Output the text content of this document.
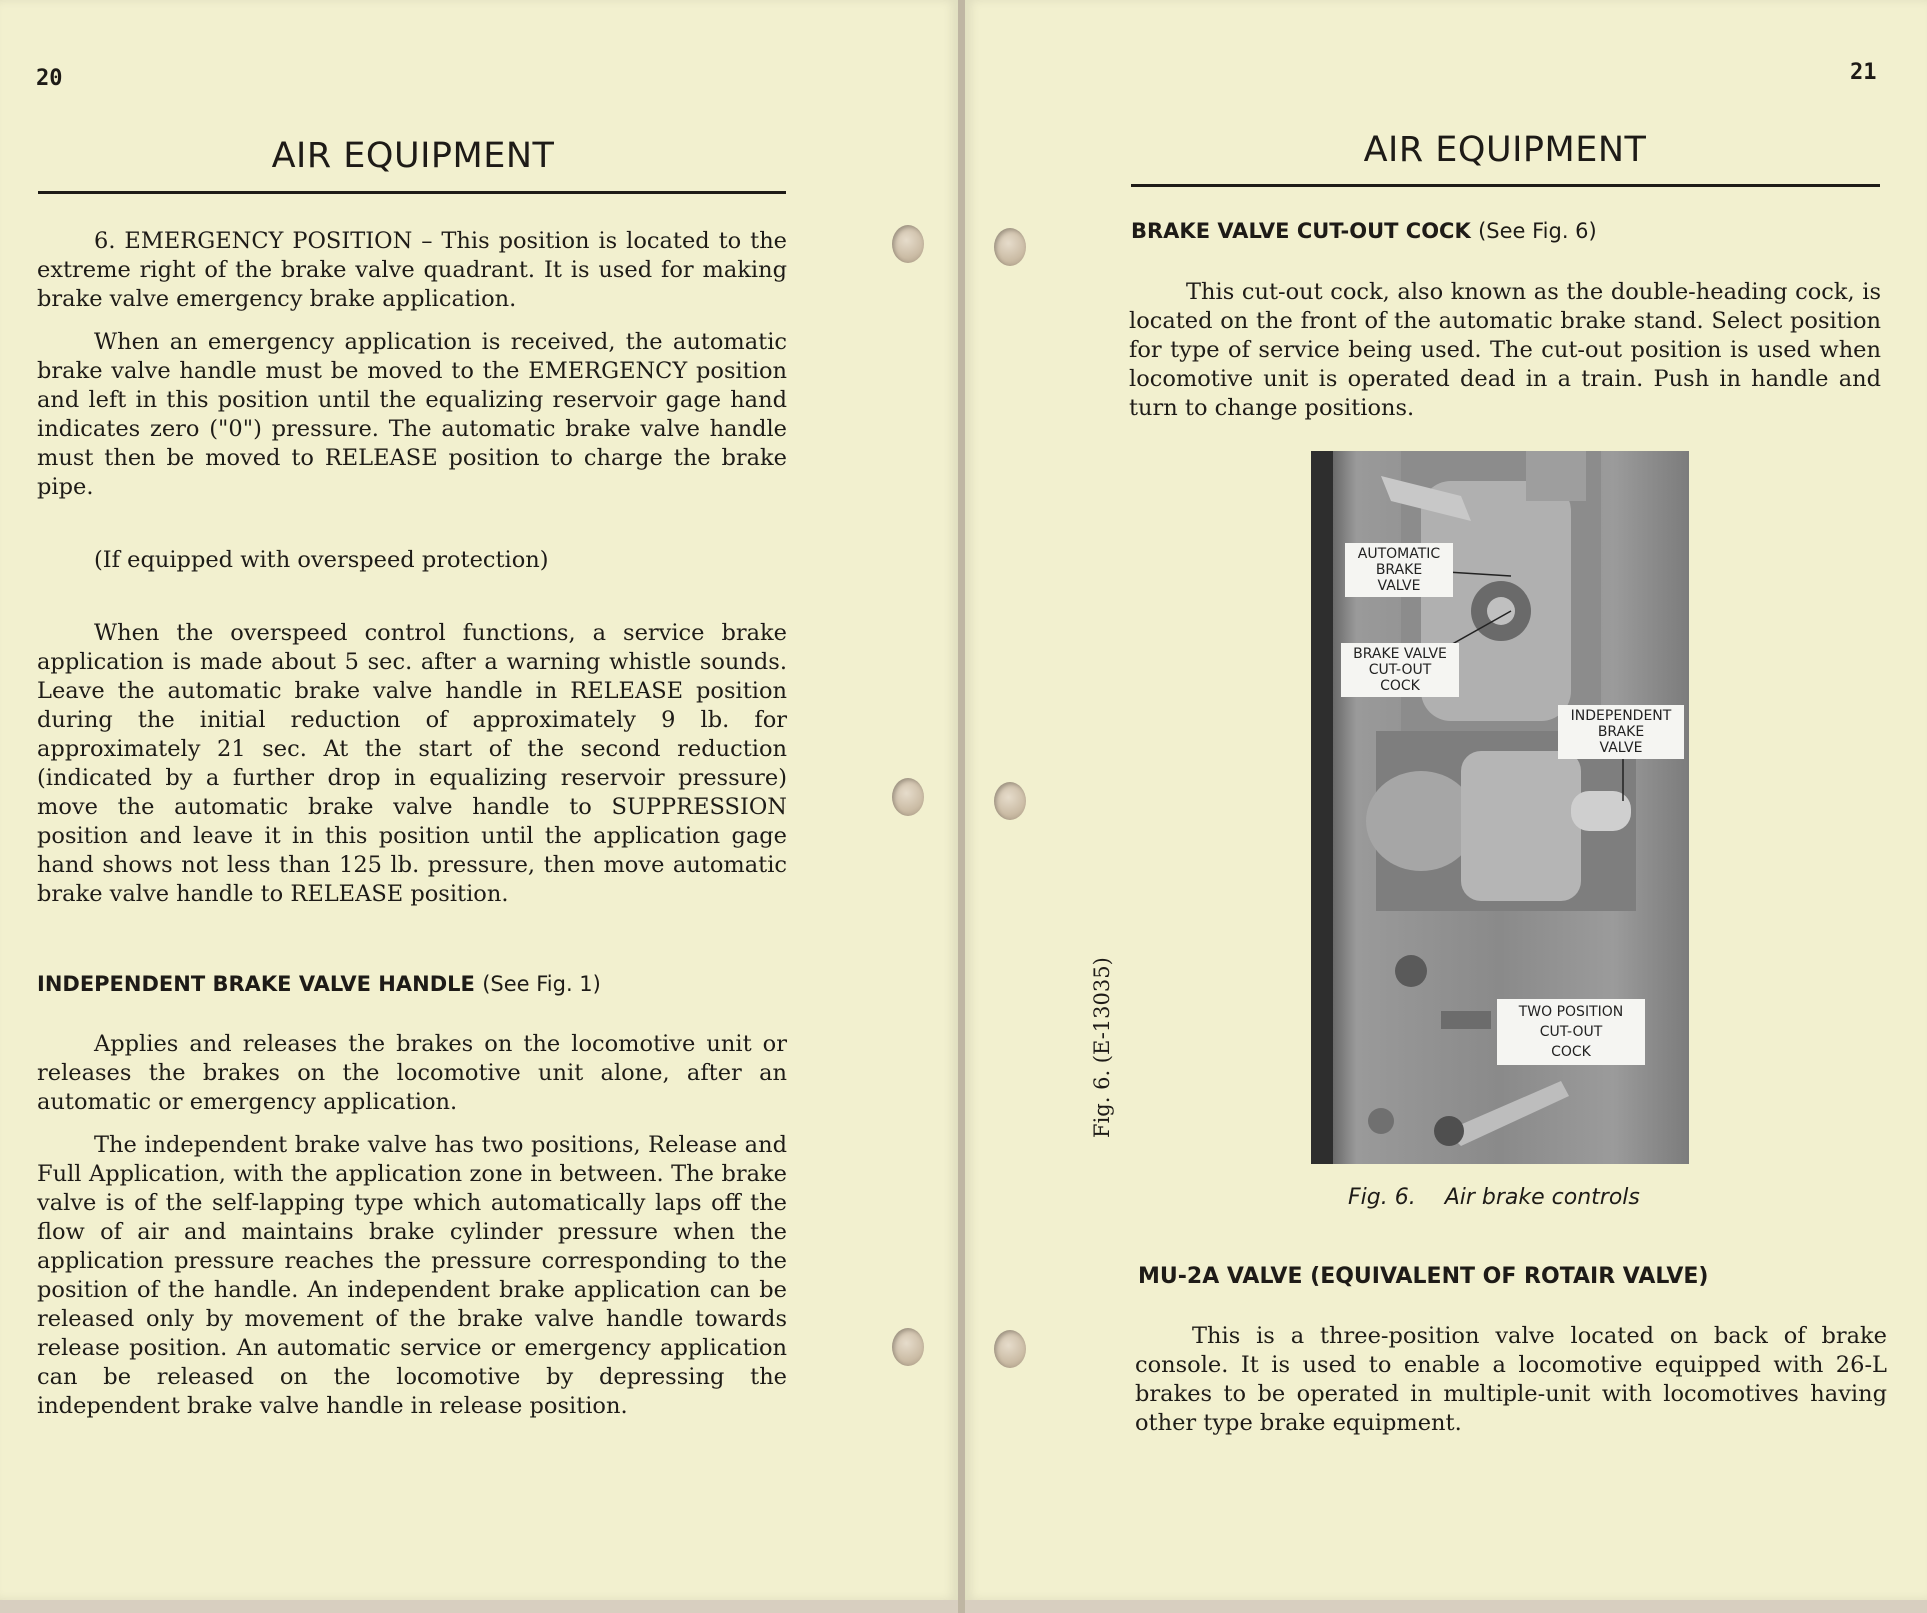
20
AIR EQUIPMENT

6. EMERGENCY POSITION – This position is located to the extreme right of the brake valve quadrant. It is used for making brake valve emergency brake application.

When an emergency application is received, the automatic brake valve handle must be moved to the EMERGENCY position and left in this position until the equalizing reservoir gage hand indicates zero ("0") pressure. The automatic brake valve handle must then be moved to RELEASE position to charge the brake pipe.

(If equipped with overspeed protection)

When the overspeed control functions, a service brake application is made about 5 sec. after a warning whistle sounds. Leave the automatic brake valve handle in RELEASE position during the initial reduction of approximately 9 lb. for approximately 21 sec. At the start of the second reduction (indicated by a further drop in equalizing reservoir pressure) move the automatic brake valve handle to SUPPRESSION position and leave it in this position until the application gage hand shows not less than 125 lb. pressure, then move automatic brake valve handle to RELEASE position.

INDEPENDENT BRAKE VALVE HANDLE (See Fig. 1)

Applies and releases the brakes on the locomotive unit or releases the brakes on the locomotive unit alone, after an automatic or emergency application.

The independent brake valve has two positions, Release and Full Application, with the application zone in between. The brake valve is of the self-lapping type which automatically laps off the flow of air and maintains brake cylinder pressure when the application pressure reaches the pressure corresponding to the position of the handle. An independent brake application can be released only by movement of the brake valve handle towards release position. An automatic service or emergency application can be released on the locomotive by depressing the independent brake valve handle in release position.

21
AIR EQUIPMENT
BRAKE VALVE CUT-OUT COCK (See Fig. 6)

This cut-out cock, also known as the double-heading cock, is located on the front of the automatic brake stand. Select position for type of service being used. The cut-out position is used when locomotive unit is operated dead in a train. Push in handle and turn to change positions.

AUTOMATIC
BRAKE
VALVE
BRAKE VALVE
CUT-OUT
COCK
INDEPENDENT
BRAKE
VALVE
TWO POSITION
CUT-OUT
COCK
Fig. 6. Air brake controls
Fig. 6. (E-13035)
MU-2A VALVE (EQUIVALENT OF ROTAIR VALVE)

This is a three-position valve located on back of brake console. It is used to enable a locomotive equipped with 26-L brakes to be operated in multiple-unit with locomotives having other type brake equipment.
